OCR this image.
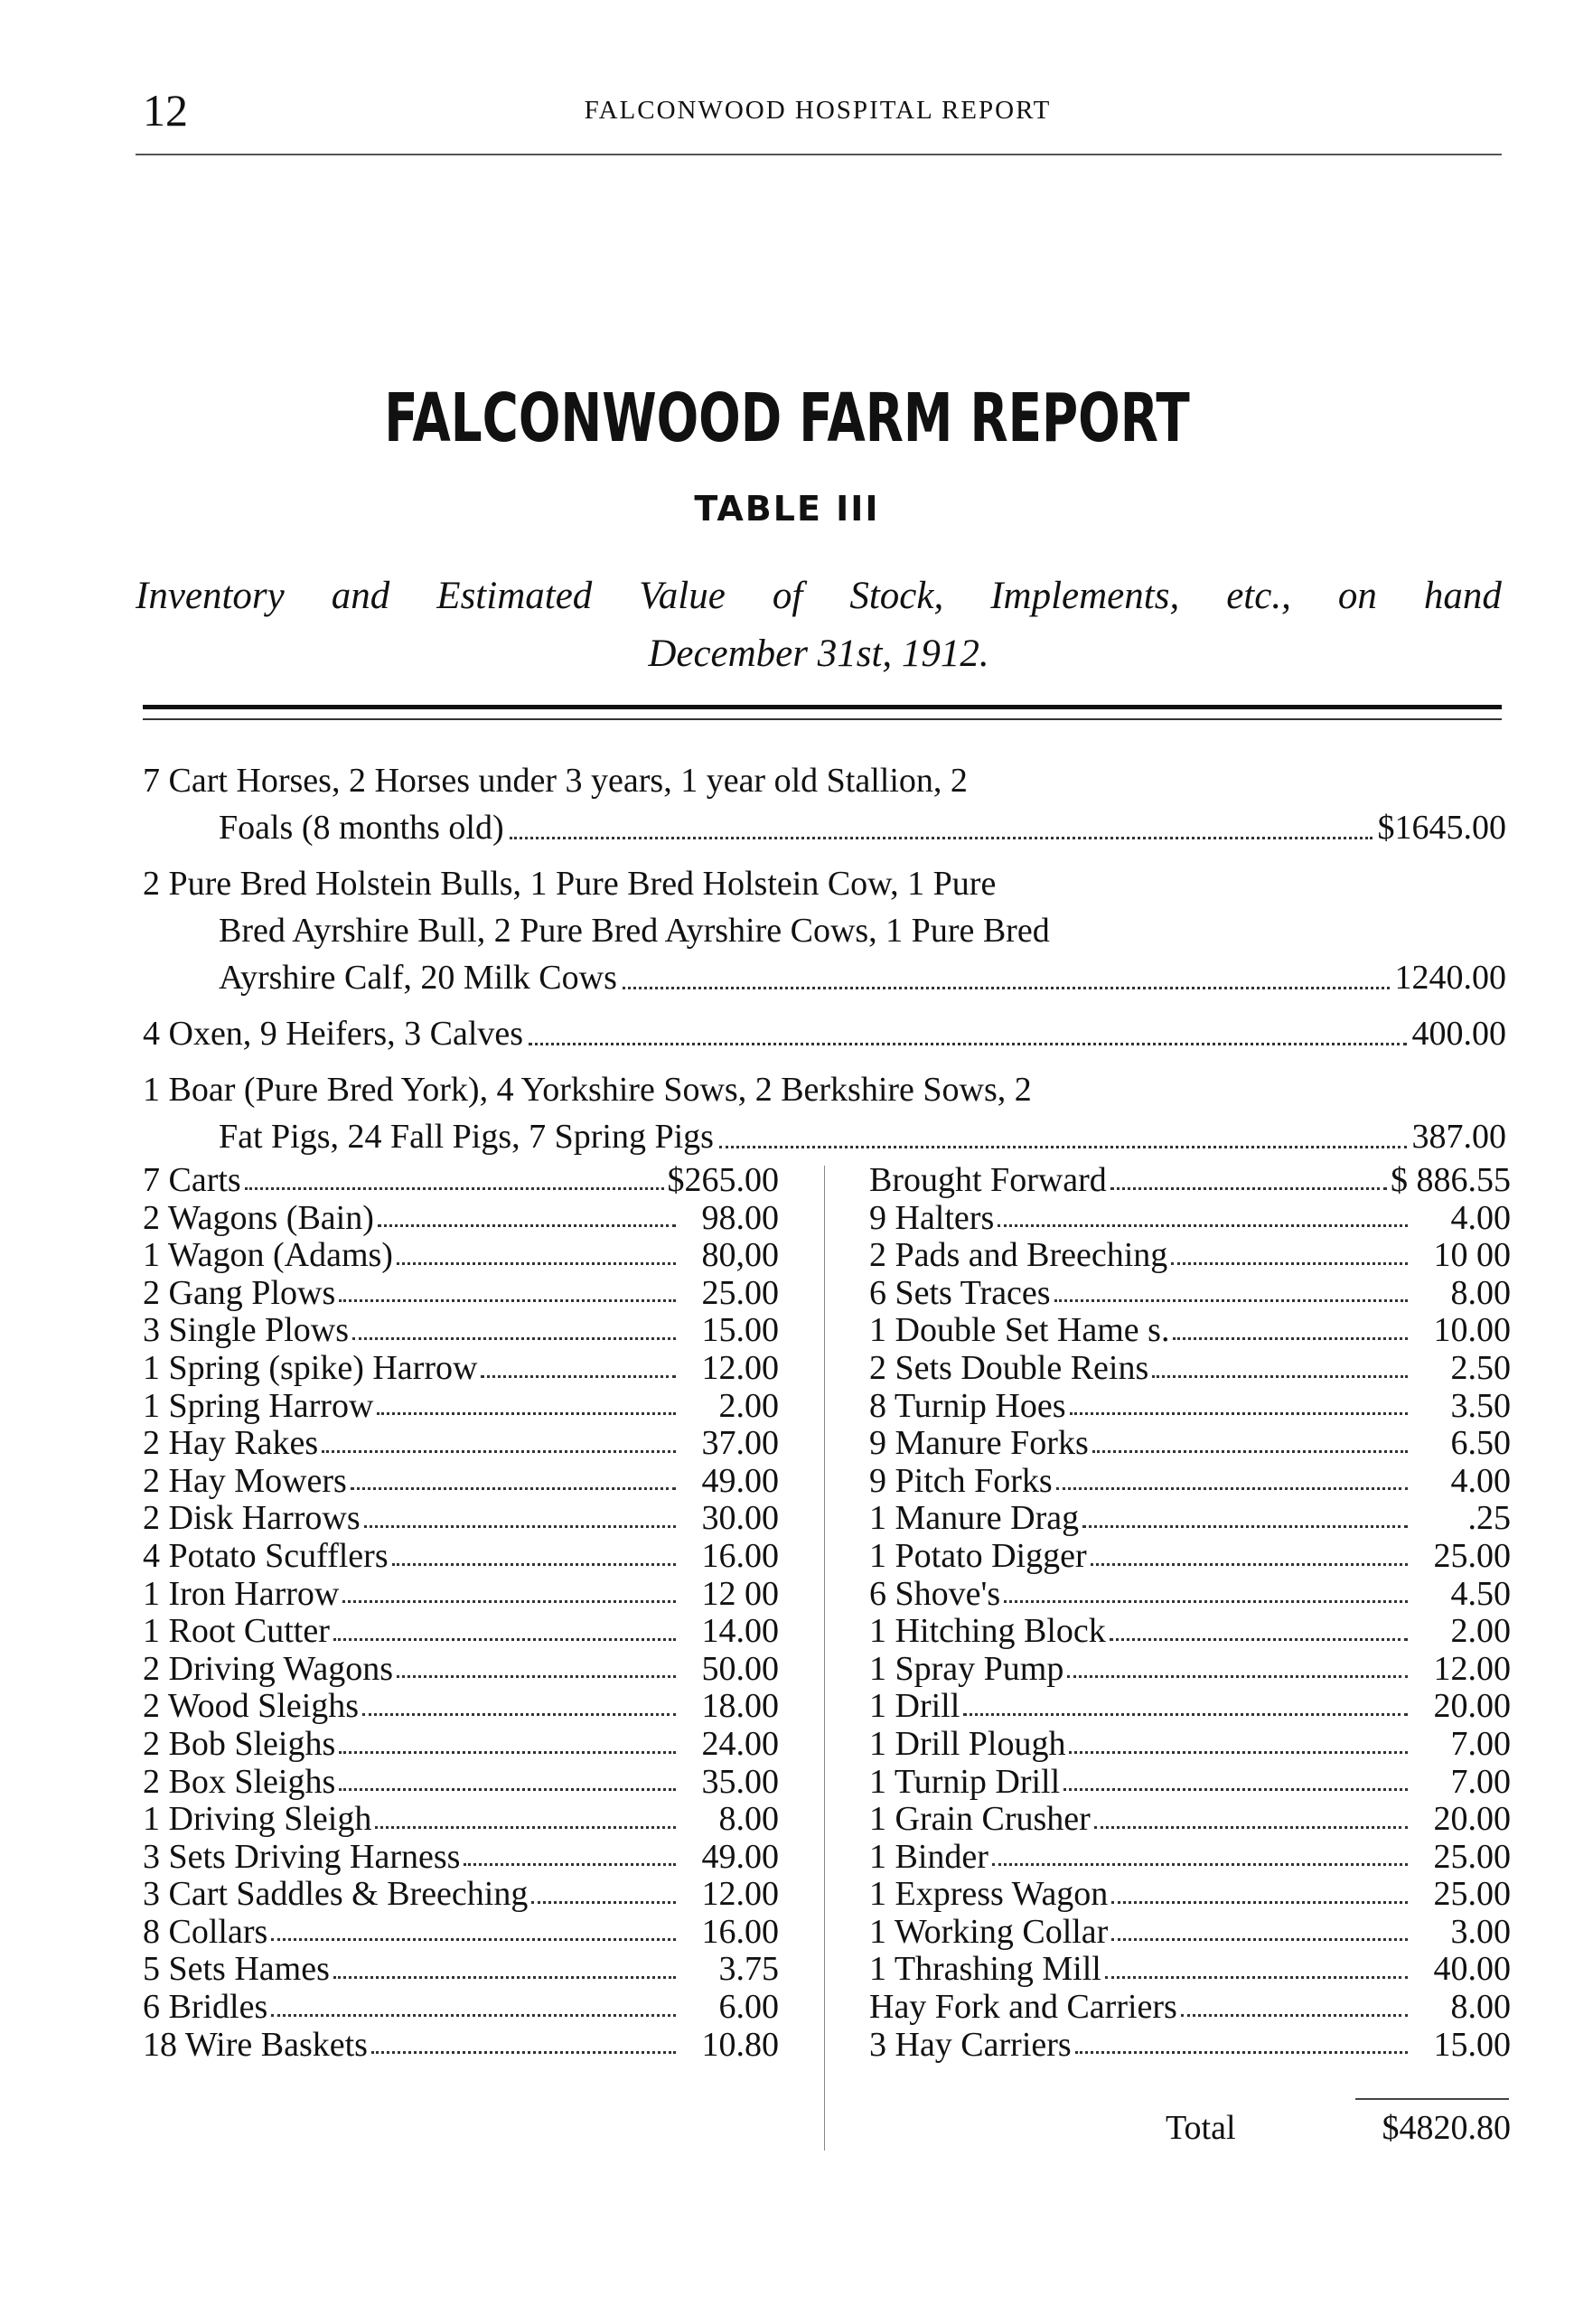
12	FALCONWOOD HOSPITAL REPORT
FALCONWOOD FARM REPORT
TABLE III
Inventory and Estimated Value of Stock, Implements, etc., on hand
December 31st, 1912.
7 Cart Horses, 2 Horses under 3 years, 1 year old Stallion, 2
Foals (8 months old)	$1645.00
2 Pure Bred Holstein Bulls, 1 Pure Bred Holstein Cow, 1 Pure
Bred Ayrshire Bull, 2 Pure Bred Ayrshire Cows, 1 Pure Bred
Ayrshire Calf, 20 Milk Cows	1240.00
4 Oxen, 9 Heifers, 3 Calves	400.00
1 Boar (Pure Bred York), 4 Yorkshire Sows, 2 Berkshire Sows, 2
Fat Pigs, 24 Fall Pigs, 7 Spring Pigs	387.00
7 Carts	$265.00
2 Wagons (Bain)	98.00
1 Wagon (Adams)	80,00
2 Gang Plows	25.00
3 Single Plows	15.00
1 Spring (spike) Harrow	12.00
1 Spring Harrow	2.00
2 Hay Rakes	37.00
2 Hay Mowers	49.00
2 Disk Harrows	30.00
4 Potato Scufflers	16.00
1 Iron Harrow	12 00
1 Root Cutter	14.00
2 Driving Wagons	50.00
2 Wood Sleighs	18.00
2 Bob Sleighs	24.00
2 Box Sleighs	35.00
1 Driving Sleigh	8.00
3 Sets Driving Harness	49.00
3 Cart Saddles & Breeching	12.00
8 Collars	16.00
5 Sets Hames	3.75
6 Bridles	6.00
18 Wire Baskets	10.80
Brought Forward	$ 886.55
9 Halters	4.00
2 Pads and Breeching	10 00
6 Sets Traces	8.00
1 Double Set Hame s.	10.00
2 Sets Double Reins	2.50
8 Turnip Hoes	3.50
9 Manure Forks	6.50
9 Pitch Forks	4.00
1 Manure Drag	.25
1 Potato Digger	25.00
6 Shove's	4.50
1 Hitching Block	2.00
1 Spray Pump	12.00
1 Drill	20.00
1 Drill Plough	7.00
1 Turnip Drill	7.00
1 Grain Crusher	20.00
1 Binder	25.00
1 Express Wagon	25.00
1 Working Collar	3.00
1 Thrashing Mill	40.00
Hay Fork and Carriers	8.00
3 Hay Carriers	15.00
Total	$4820.80
